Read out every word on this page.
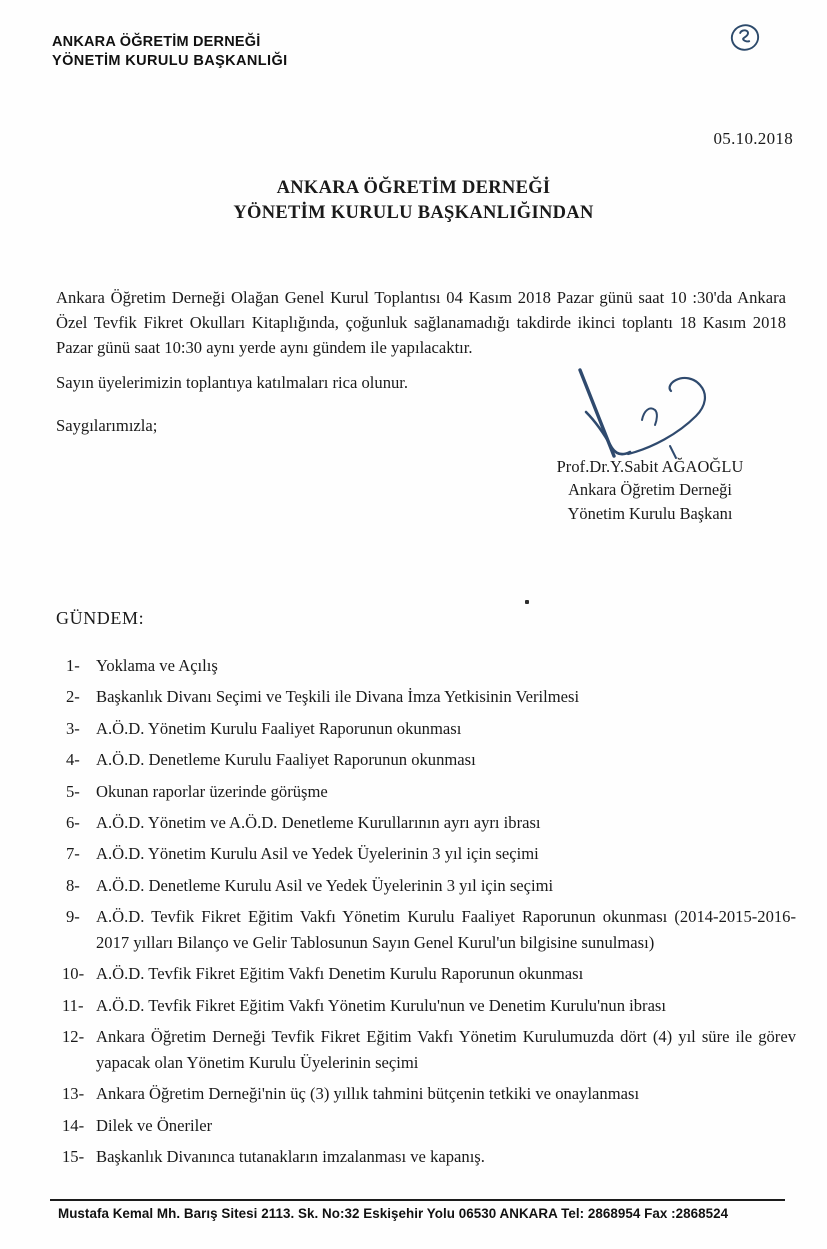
ANKARA ÖĞRETİM DERNEĞİ
YÖNETİM KURULU BAŞKANLIĞI
05.10.2018
ANKARA ÖĞRETİM DERNEĞİ
YÖNETİM KURULU BAŞKANLIĞINDAN
Ankara Öğretim Derneği Olağan Genel Kurul Toplantısı 04 Kasım 2018 Pazar günü saat 10 :30'da Ankara Özel Tevfik Fikret Okulları Kitaplığında, çoğunluk sağlanamadığı takdirde ikinci toplantı 18 Kasım 2018 Pazar günü saat 10:30 aynı yerde aynı gündem ile yapılacaktır.
Sayın üyelerimizin toplantıya katılmaları rica olunur.
Saygılarımızla;
Prof.Dr.Y.Sabit AĞAOĞLU
Ankara Öğretim Derneği
Yönetim Kurulu Başkanı
GÜNDEM:
1- Yoklama ve Açılış
2- Başkanlık Divanı Seçimi ve Teşkili ile Divana İmza Yetkisinin Verilmesi
3- A.Ö.D. Yönetim Kurulu Faaliyet Raporunun okunması
4- A.Ö.D. Denetleme Kurulu Faaliyet Raporunun okunması
5- Okunan raporlar üzerinde görüşme
6- A.Ö.D. Yönetim ve A.Ö.D. Denetleme Kurullarının ayrı ayrı ibrası
7- A.Ö.D. Yönetim Kurulu Asil ve Yedek Üyelerinin 3 yıl için seçimi
8- A.Ö.D. Denetleme Kurulu Asil ve Yedek Üyelerinin 3 yıl için seçimi
9- A.Ö.D. Tevfik Fikret Eğitim Vakfı Yönetim Kurulu Faaliyet Raporunun okunması (2014-2015-2016-2017 yılları Bilanço ve Gelir Tablosunun Sayın Genel Kurul'un bilgisine sunulması)
10- A.Ö.D. Tevfik Fikret Eğitim Vakfı Denetim Kurulu Raporunun okunması
11- A.Ö.D. Tevfik Fikret Eğitim Vakfı Yönetim Kurulu'nun ve Denetim Kurulu'nun ibrası
12- Ankara Öğretim Derneği Tevfik Fikret Eğitim Vakfı Yönetim Kurulumuzda dört (4) yıl süre ile görev yapacak olan Yönetim Kurulu Üyelerinin seçimi
13- Ankara Öğretim Derneği'nin üç (3) yıllık tahmini bütçenin tetkiki ve onaylanması
14- Dilek ve Öneriler
15- Başkanlık Divanınca tutanakların imzalanması ve kapanış.
Mustafa Kemal Mh. Barış Sitesi 2113. Sk. No:32 Eskişehir Yolu 06530 ANKARA Tel: 2868954 Fax :2868524
